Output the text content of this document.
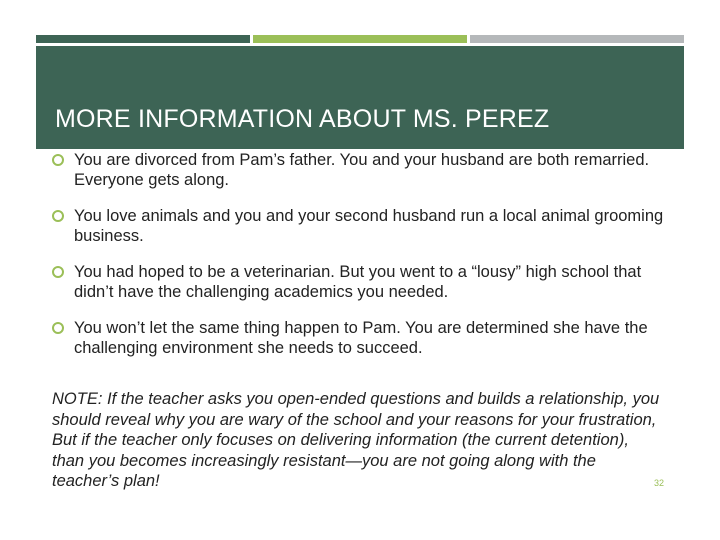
MORE INFORMATION ABOUT MS. PEREZ
You are divorced from Pam’s father. You and your husband are both remarried. Everyone gets along.
You love animals and you and your second husband run a local animal grooming business.
You had hoped to be a veterinarian. But you went to a “lousy” high school that didn’t have the challenging academics you needed.
You won’t let the same thing happen to Pam. You are determined she have the challenging environment she needs to succeed.

NOTE: If the teacher asks you open-ended questions and builds a relationship, you should reveal why you are wary of the school and your reasons for your frustration, But if the teacher only focuses on delivering information (the current detention), than you becomes increasingly resistant—you are not going along with the teacher’s plan!	32
